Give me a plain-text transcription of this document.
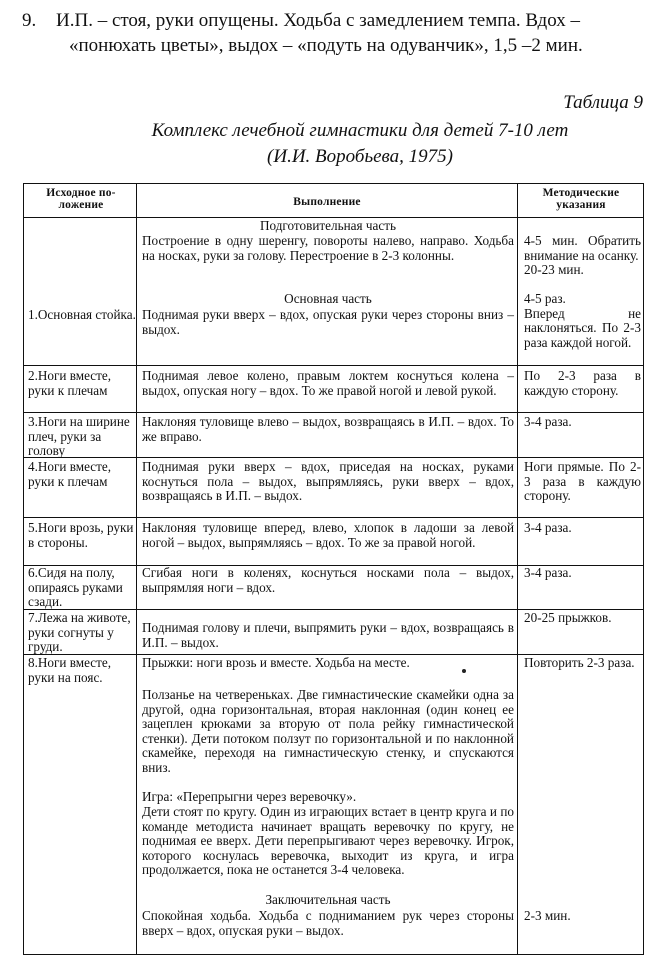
9. И.П. – стоя, руки опущены. Ходьба с замедлением темпа. Вдох –
«понюхать цветы», выдох – «подуть на одуванчик», 1,5 –2 мин.
Таблица 9
Комплекс лечебной гимнастики для детей 7-10 лет
(И.И. Воробьева, 1975)
Исходное по-
ложение	Выполнение
Методические
указания
Подготовительная часть
Построение в одну шеренгу, повороты налево, направо. Ходьба на носках, руки за голову. Перестроение в 2-3 колонны.
4-5 мин. Обратить внимание на осанку.
20-23 мин.
Основная часть
1.Основная стойка. Поднимая руки вверх – вдох, опуская руки через стороны вниз – выдох.
4-5 раз.
Вперед не наклоняться. По 2-3 раза каждой ногой.
2.Ноги вместе, руки к плечам
Поднимая левое колено, правым локтем коснуться колена – выдох, опуская ногу – вдох. То же правой ногой и левой рукой.
По 2-3 раза в каждую сторону.
3.Ноги на ширине плеч, руки за голову
Наклоняя туловище влево – выдох, возвращаясь в И.П. – вдох. То же вправо.
3-4 раза.
4.Ноги вместе, руки к плечам
Поднимая руки вверх – вдох, приседая на носках, руками коснуться пола – выдох, выпрямляясь, руки вверх – вдох, возвращаясь в И.П. – выдох.
Ноги прямые. По 2-3 раза в каждую сторону.
5.Ноги врозь, руки в стороны.
Наклоняя туловище вперед, влево, хлопок в ладоши за левой ногой – выдох, выпрямляясь – вдох. То же за правой ногой.
3-4 раза.
6.Сидя на полу, опираясь руками сзади.
Сгибая ноги в коленях, коснуться носками пола – выдох, выпрямляя ноги – вдох.
3-4 раза.
7.Лежа на животе, руки согнуты у груди.
Поднимая голову и плечи, выпрямить руки – вдох, возвращаясь в И.П. – выдох.
20-25 прыжков.
8.Ноги вместе, руки на пояс.
Прыжки: ноги врозь и вместе. Ходьба на месте.	Повторить 2-3 раза.
Ползанье на четвереньках. Две гимнастические скамейки одна за другой, одна горизонтальная, вторая наклонная (один конец ее зацеплен крюками за вторую от пола рейку гимнастической стенки). Дети потоком ползут по горизонтальной и по наклонной скамейке, переходя на гимнастическую стенку, и спускаются вниз.
Игра: «Перепрыгни через веревочку».
Дети стоят по кругу. Один из играющих встает в центр круга и по команде методиста начинает вращать веревочку по кругу, не поднимая ее вверх. Дети перепрыгивают через веревочку. Игрок, которого коснулась веревочка, выходит из круга, и игра продолжается, пока не останется 3-4 человека.
Заключительная часть
Спокойная ходьба. Ходьба с подниманием рук через стороны вверх – вдох, опуская руки – выдох.
2-3 мин.
